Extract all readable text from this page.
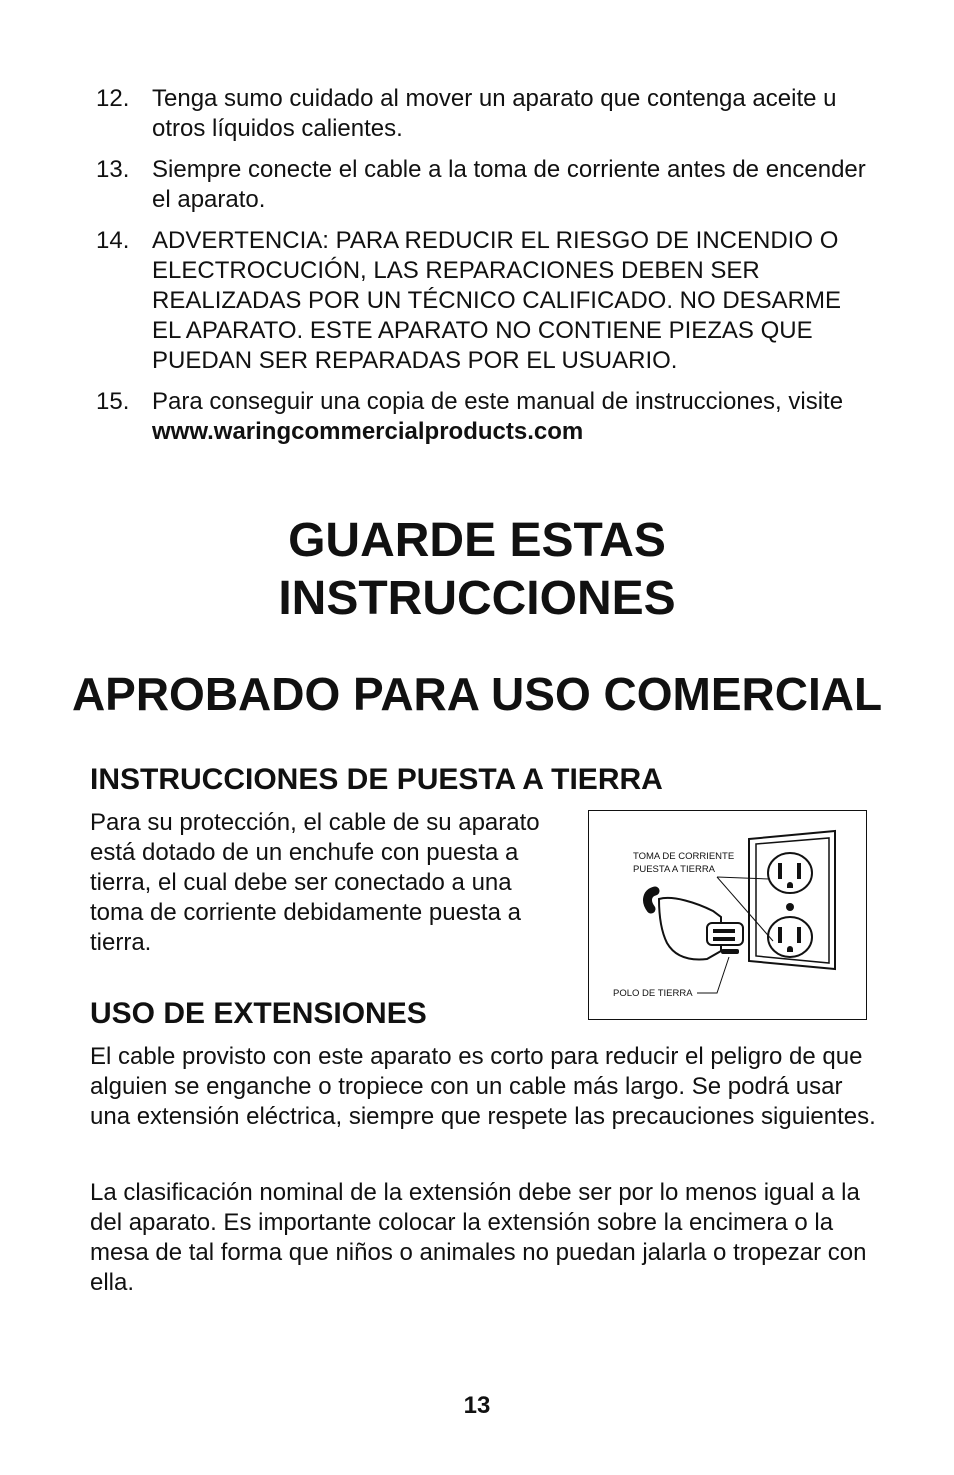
12. Tenga sumo cuidado al mover un aparato que contenga aceite u otros líquidos calientes.
13. Siempre conecte el cable a la toma de corriente antes de encender el aparato.
14. ADVERTENCIA: PARA REDUCIR EL RIESGO DE INCENDIO O ELECTROCUCIÓN, LAS REPARACIONES DEBEN SER REALIZADAS POR UN TÉCNICO CALIFICADO. NO DESARME EL APARATO. ESTE APARATO NO CONTIENE PIEZAS QUE PUEDAN SER REPARADAS POR EL USUARIO.
15. Para conseguir una copia de este manual de instrucciones, visite www.waringcommercialproducts.com
GUARDE ESTAS
INSTRUCCIONES
APROBADO PARA USO COMERCIAL
INSTRUCCIONES DE PUESTA A TIERRA

Para su protección, el cable de su aparato está dotado de un enchufe con puesta a tierra, el cual debe ser conectado a una toma de corriente debidamente puesta a tierra.

TOMA DE CORRIENTE
PUESTA A TIERRA
POLO DE TIERRA
USO DE EXTENSIONES

El cable provisto con este aparato es corto para reducir el peligro de que alguien se enganche o tropiece con un cable más largo. Se podrá usar una extensión eléctrica, siempre que respete las precauciones siguientes.

La clasificación nominal de la extensión debe ser por lo menos igual a la del aparato. Es importante colocar la extensión sobre la encimera o la mesa de tal forma que niños o animales no puedan jalarla o tropezar con ella.

13
